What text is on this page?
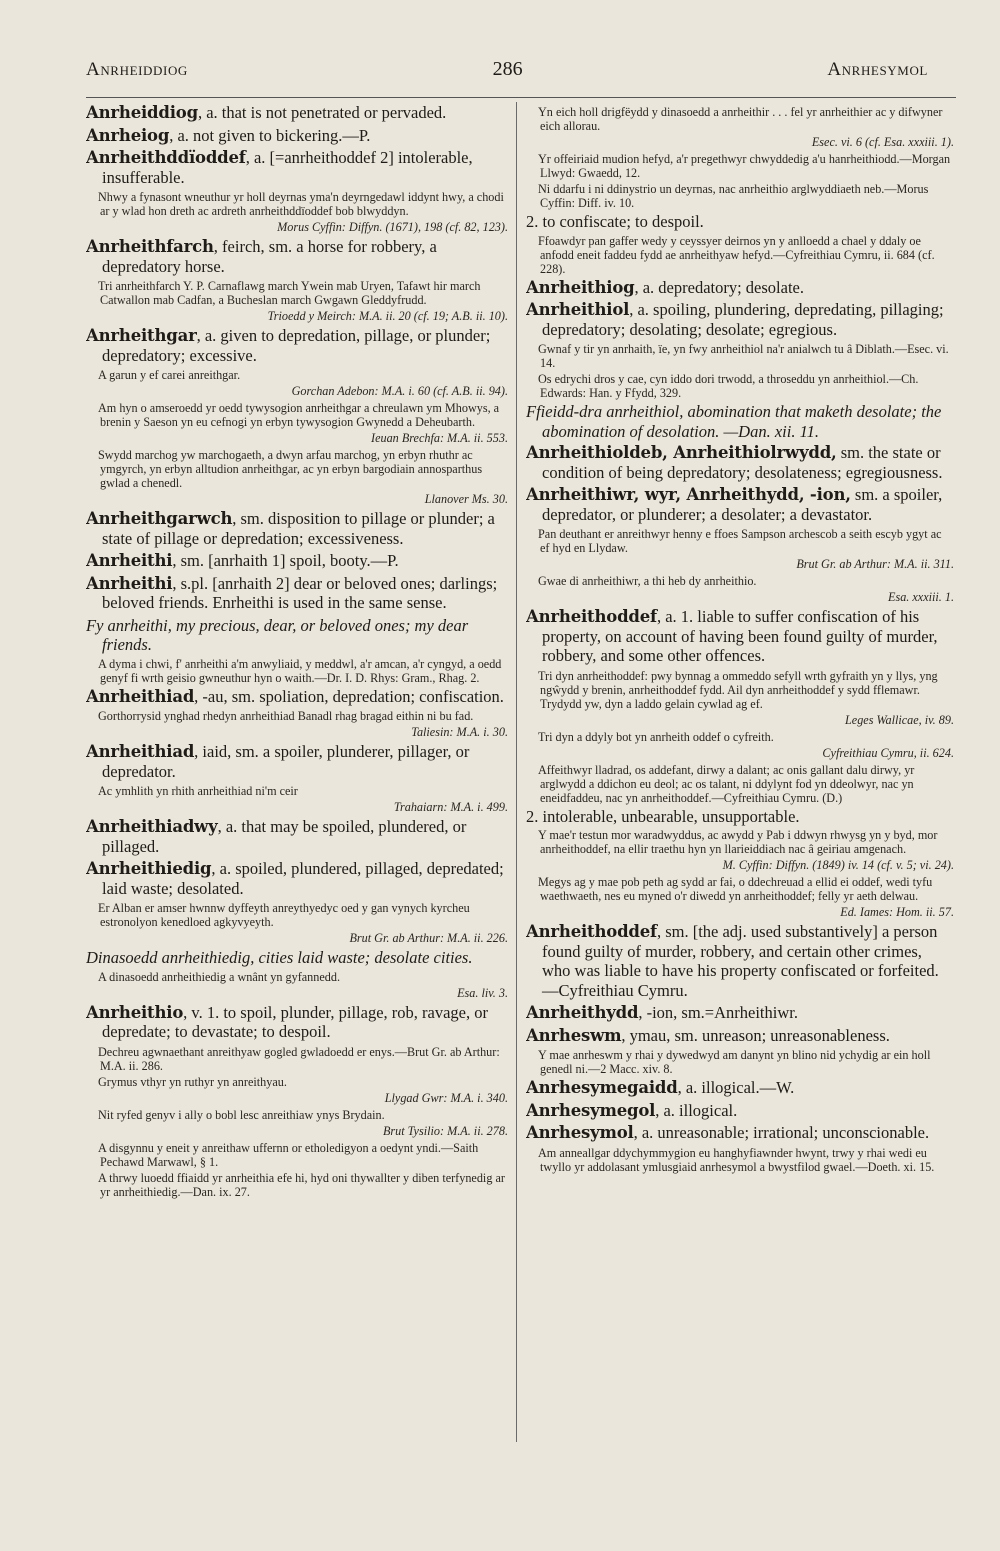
Anrheiddiog	286	Anrhesymol
Anrheiddiog, a. that is not penetrated or pervaded.
Anrheiog, a. not given to bickering.—P.
Anrheithddïoddef, a. [=anrheithoddef 2] intolerable, insufferable.
Nhwy a fynasont wneuthur yr holl deyrnas yma'n deyrngedawl iddynt hwy, a chodi ar y wlad hon dreth ac ardreth anrheithddïoddef bob blwyddyn.
Morus Cyffin: Diffyn. (1671), 198 (cf. 82, 123).
Anrheithfarch, feirch, sm. a horse for robbery, a depredatory horse.
Tri anrheithfarch Y. P. Carnaflawg march Ywein mab Uryen, Tafawt hir march Catwallon mab Cadfan, a Bucheslan march Gwgawn Gleddyfrudd.
Trioedd y Meirch: M.A. ii. 20 (cf. 19; A.B. ii. 10).
Anrheithgar, a. given to depredation, pillage, or plunder; depredatory; excessive.
A garun y ef carei anreithgar.
Gorchan Adebon: M.A. i. 60 (cf. A.B. ii. 94).
Am hyn o amseroedd yr oedd tywysogion anrheithgar a chreulawn ym Mhowys, a brenin y Saeson yn eu cefnogi yn erbyn tywysogion Gwynedd a Deheubarth.
Ieuan Brechfa: M.A. ii. 553.
Swydd marchog yw marchogaeth, a dwyn arfau marchog, yn erbyn rhuthr ac ymgyrch, yn erbyn alltudion anrheithgar, ac yn erbyn bargodiain annosparthus gwlad a chenedl.
Llanover Ms. 30.
Anrheithgarwch, sm. disposition to pillage or plunder; a state of pillage or depredation; excessiveness.
Anrheithi, sm. [anrhaith 1] spoil, booty.—P.
Anrheithi, s.pl. [anrhaith 2] dear or beloved ones; darlings; beloved friends. Enrheithi is used in the same sense.
Fy anrheithi, my precious, dear, or beloved ones; my dear friends.
A dyma i chwi, f' anrheithi a'm anwyliaid, y meddwl, a'r amcan, a'r cyngyd, a oedd genyf fi wrth geisio gwneuthur hyn o waith.—Dr. I. D. Rhys: Gram., Rhag. 2.
Anrheithiad, -au, sm. spoliation, depredation; confiscation.
Gorthorrysid ynghad rhedyn anrheithiad Banadl rhag bragad eithin ni bu fad.
Taliesin: M.A. i. 30.
Anrheithiad, iaid, sm. a spoiler, plunderer, pillager, or depredator.
Ac ymhlith yn rhith anrheithiad ni'm ceir
Trahaiarn: M.A. i. 499.
Anrheithiadwy, a. that may be spoiled, plundered, or pillaged.
Anrheithiedig, a. spoiled, plundered, pillaged, depredated; laid waste; desolated.
Er Alban er amser hwnnw dyffeyth anreythyedyc oed y gan vynych kyrcheu estronolyon kenedloed agkyvyeyth.
Brut Gr. ab Arthur: M.A. ii. 226.
Dinasoedd anrheithiedig, cities laid waste; desolate cities.
A dinasoedd anrheithiedig a wnânt yn gyfannedd.
Esa. liv. 3.
Anrheithio, v. 1. to spoil, plunder, pillage, rob, ravage, or depredate; to devastate; to despoil.
Dechreu agwnaethant anreithyaw gogled gwladoedd er enys.—Brut Gr. ab Arthur: M.A. ii. 286.
Grymus vthyr yn ruthyr yn anreithyau.
Llygad Gwr: M.A. i. 340.
Nit ryfed genyv i ally o bobl lesc anreithiaw ynys Brydain.
Brut Tysilio: M.A. ii. 278.
A disgynnu y eneit y anreithaw uffernn or etholedigyon a oedynt yndi.—Saith Pechawd Marwawl, § 1.
A thrwy luoedd ffiaidd yr anrheithia efe hi, hyd oni thywallter y diben terfynedig ar yr anrheithiedig.—Dan. ix. 27.
Yn eich holl drigfëydd y dinasoedd a anrheithir . . . fel yr anrheithier ac y difwyner eich allorau.
Esec. vi. 6 (cf. Esa. xxxiii. 1).
Yr offeiriaid mudion hefyd, a'r pregethwyr chwyddedig a'u hanrheithiodd.—Morgan Llwyd: Gwaedd, 12.
Ni ddarfu i ni ddinystrio un deyrnas, nac anrheithio arglwyddiaeth neb.—Morus Cyffin: Diff. iv. 10.
2. to confiscate; to despoil.
Ffoawdyr pan gaffer wedy y ceyssyer deirnos yn y anlloedd a chael y ddaly oe anfodd eneit faddeu fydd ae anrheithyaw hefyd.—Cyfreithiau Cymru, ii. 684 (cf. 228).
Anrheithiog, a. depredatory; desolate.
Anrheithiol, a. spoiling, plundering, depredating, pillaging; depredatory; desolating; desolate; egregious.
Gwnaf y tir yn anrhaith, ïe, yn fwy anrheithiol na'r anialwch tu â Diblath.—Esec. vi. 14.
Os edrychi dros y cae, cyn iddo dori trwodd, a throseddu yn anrheithiol.—Ch. Edwards: Han. y Ffydd, 329.
Ffieidd-dra anrheithiol, abomination that maketh desolate; the abomination of desolation. —Dan. xii. 11.
Anrheithioldeb, Anrheithiolrwydd, sm. the state or condition of being depredatory; desolateness; egregiousness.
Anrheithiwr, wyr, Anrheithydd, -ion, sm. a spoiler, depredator, or plunderer; a desolater; a devastator.
Pan deuthant er anreithwyr henny e ffoes Sampson archescob a seith escyb ygyt ac ef hyd en Llydaw.
Brut Gr. ab Arthur: M.A. ii. 311.
Gwae di anrheithiwr, a thi heb dy anrheithio.
Esa. xxxiii. 1.
Anrheithoddef, a. 1. liable to suffer confiscation of his property, on account of having been found guilty of murder, robbery, and some other offences.
Tri dyn anrheithoddef: pwy bynnag a ommeddo sefyll wrth gyfraith yn y llys, yng ngŵydd y brenin, anrheithoddef fydd. Ail dyn anrheithoddef y sydd fflemawr. Trydydd yw, dyn a laddo gelain cywlad ag ef.
Leges Wallicae, iv. 89.
Tri dyn a ddyly bot yn anrheith oddef o cyfreith.
Cyfreithiau Cymru, ii. 624.
Affeithwyr lladrad, os addefant, dirwy a dalant; ac onis gallant dalu dirwy, yr arglwydd a ddichon eu deol; ac os talant, ni ddylynt fod yn ddeolwyr, nac yn eneidfaddeu, nac yn anrheithoddef.—Cyfreithiau Cymru. (D.)
2. intolerable, unbearable, unsupportable.
Y mae'r testun mor waradwyddus, ac awydd y Pab i ddwyn rhwysg yn y byd, mor anrheithoddef, na ellir traethu hyn yn llarieiddiach nac â geiriau amgenach.
M. Cyffin: Diffyn. (1849) iv. 14 (cf. v. 5; vi. 24).
Megys ag y mae pob peth ag sydd ar fai, o ddechreuad a ellid ei oddef, wedi tyfu waethwaeth, nes eu myned o'r diwedd yn anrheithoddef; felly yr aeth delwau.
Ed. Iames: Hom. ii. 57.
Anrheithoddef, sm. [the adj. used substantively] a person found guilty of murder, robbery, and certain other crimes, who was liable to have his property confiscated or forfeited.—Cyfreithiau Cymru.
Anrheithydd, -ion, sm.=Anrheithiwr.
Anrheswm, ymau, sm. unreason; unreasonableness.
Y mae anrheswm y rhai y dywedwyd am danynt yn blino nid ychydig ar ein holl genedl ni.—2 Macc. xiv. 8.
Anrhesymegaidd, a. illogical.—W.
Anrhesymegol, a. illogical.
Anrhesymol, a. unreasonable; irrational; unconscionable.
Am anneallgar ddychymmygion eu hanghyfiawnder hwynt, trwy y rhai wedi eu twyllo yr addolasant ymlusgiaid anrhesymol a bwystfilod gwael.—Doeth. xi. 15.
